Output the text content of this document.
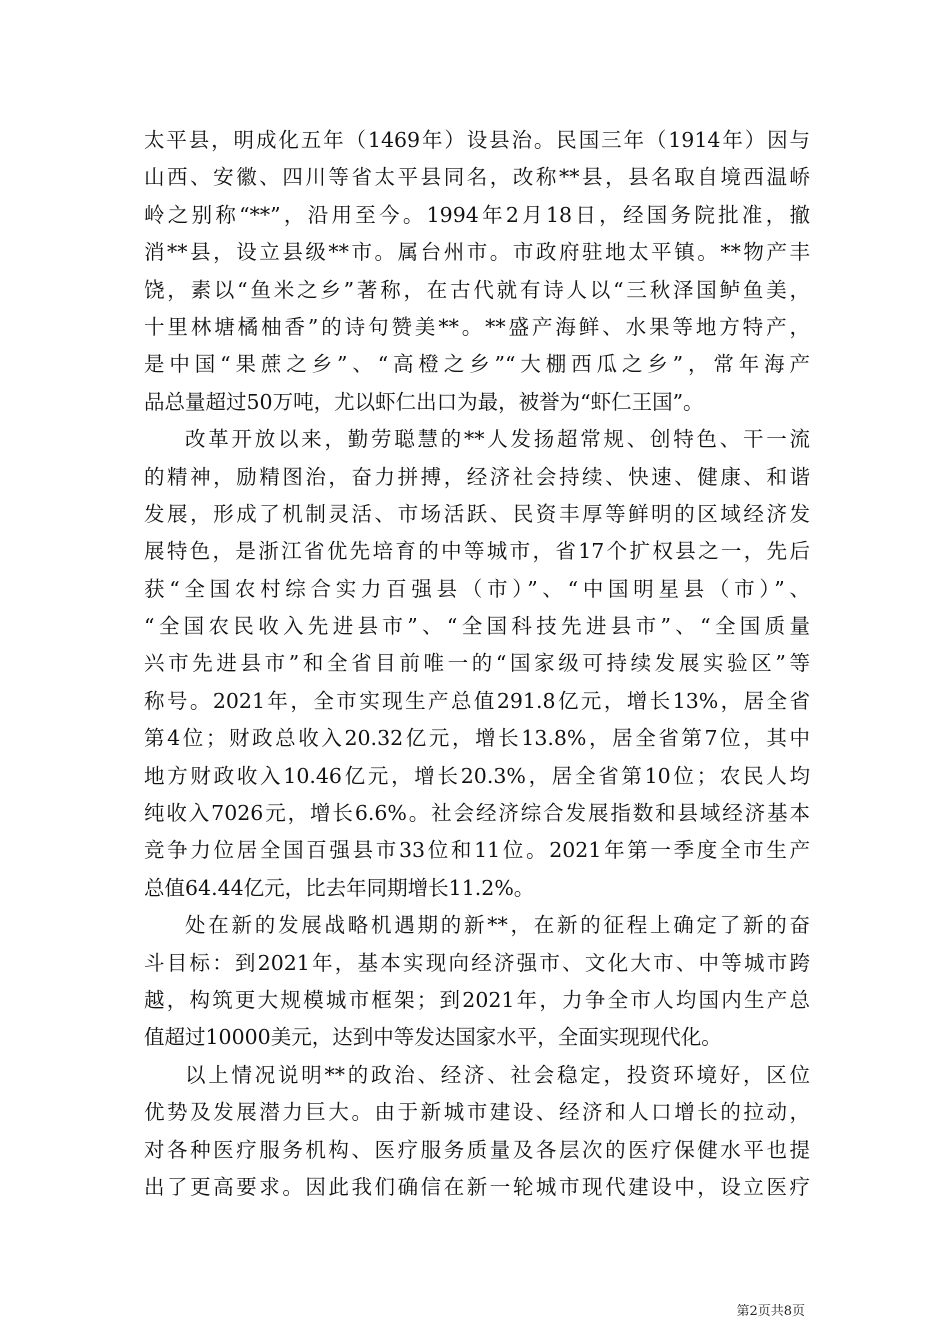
太平县，明成化五年（1469年）设县治。民国三年（1914年）因与
山西、安徽、四川等省太平县同名，改称**县，县名取自境西温峤
岭之别称“**”，沿用至今。1994年2月18日，经国务院批准，撤
消**县，设立县级**市。属台州市。市政府驻地太平镇。**物产丰
饶，素以“鱼米之乡”著称，在古代就有诗人以“三秋泽国鲈鱼美，
十里林塘橘柚香”的诗句赞美**。**盛产海鲜、水果等地方特产，
是中国“果蔗之乡”、“高橙之乡”“大棚西瓜之乡”，常年海产
品总量超过50万吨，尤以虾仁出口为最，被誉为“虾仁王国”。
改革开放以来，勤劳聪慧的**人发扬超常规、创特色、干一流
的精神，励精图治，奋力拼搏，经济社会持续、快速、健康、和谐
发展，形成了机制灵活、市场活跃、民资丰厚等鲜明的区域经济发
展特色，是浙江省优先培育的中等城市，省17个扩权县之一，先后
获“全国农村综合实力百强县（市）”、“中国明星县（市）”、
“全国农民收入先进县市”、“全国科技先进县市”、“全国质量
兴市先进县市”和全省目前唯一的“国家级可持续发展实验区”等
称号。2021年，全市实现生产总值291.8亿元，增长13%，居全省
第4位；财政总收入20.32亿元，增长13.8%，居全省第7位，其中
地方财政收入10.46亿元，增长20.3%，居全省第10位；农民人均
纯收入7026元，增长6.6%。社会经济综合发展指数和县域经济基本
竞争力位居全国百强县市33位和11位。2021年第一季度全市生产
总值64.44亿元，比去年同期增长11.2%。
处在新的发展战略机遇期的新**，在新的征程上确定了新的奋
斗目标：到2021年，基本实现向经济强市、文化大市、中等城市跨
越，构筑更大规模城市框架；到2021年，力争全市人均国内生产总
值超过10000美元，达到中等发达国家水平，全面实现现代化。
以上情况说明**的政治、经济、社会稳定，投资环境好，区位
优势及发展潜力巨大。由于新城市建设、经济和人口增长的拉动，
对各种医疗服务机构、医疗服务质量及各层次的医疗保健水平也提
出了更高要求。因此我们确信在新一轮城市现代建设中，设立医疗
第2页共8页
